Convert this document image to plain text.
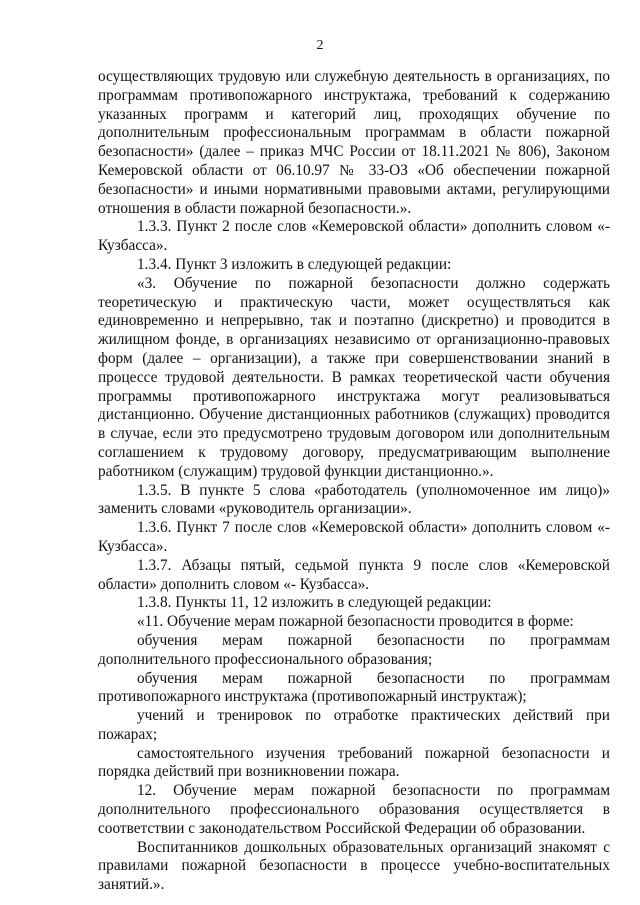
2

осуществляющих трудовую или служебную деятельность в организациях, по программам противопожарного инструктажа, требований к содержанию указанных программ и категорий лиц, проходящих обучение по дополнительным профессиональным программам в области пожарной безопасности» (далее – приказ МЧС России от 18.11.2021 № 806), Законом Кемеровской области от 06.10.97 № 33-ОЗ «Об обеспечении пожарной безопасности» и иными нормативными правовыми актами, регулирующими отношения в области пожарной безопасности.».

1.3.3. Пункт 2 после слов «Кемеровской области» дополнить словом «- Кузбасса».

1.3.4. Пункт 3 изложить в следующей редакции:

«3. Обучение по пожарной безопасности должно содержать теоретическую и практическую части, может осуществляться как единовременно и непрерывно, так и поэтапно (дискретно) и проводится в жилищном фонде, в организациях независимо от организационно-правовых форм (далее – организации), а также при совершенствовании знаний в процессе трудовой деятельности. В рамках теоретической части обучения программы противопожарного инструктажа могут реализовываться дистанционно. Обучение дистанционных работников (служащих) проводится в случае, если это предусмотрено трудовым договором или дополнительным соглашением к трудовому договору, предусматривающим выполнение работником (служащим) трудовой функции дистанционно.».

1.3.5. В пункте 5 слова «работодатель (уполномоченное им лицо)» заменить словами «руководитель организации».

1.3.6. Пункт 7 после слов «Кемеровской области» дополнить словом «- Кузбасса».

1.3.7. Абзацы пятый, седьмой пункта 9 после слов «Кемеровской области» дополнить словом «- Кузбасса».

1.3.8. Пункты 11, 12 изложить в следующей редакции:

«11. Обучение мерам пожарной безопасности проводится в форме:

обучения мерам пожарной безопасности по программам дополнительного профессионального образования;

обучения мерам пожарной безопасности по программам противопожарного инструктажа (противопожарный инструктаж);

учений и тренировок по отработке практических действий при пожарах;

самостоятельного изучения требований пожарной безопасности и порядка действий при возникновении пожара.

12. Обучение мерам пожарной безопасности по программам дополнительного профессионального образования осуществляется в соответствии с законодательством Российской Федерации об образовании.

Воспитанников дошкольных образовательных организаций знакомят с правилами пожарной безопасности в процессе учебно-воспитательных занятий.».
